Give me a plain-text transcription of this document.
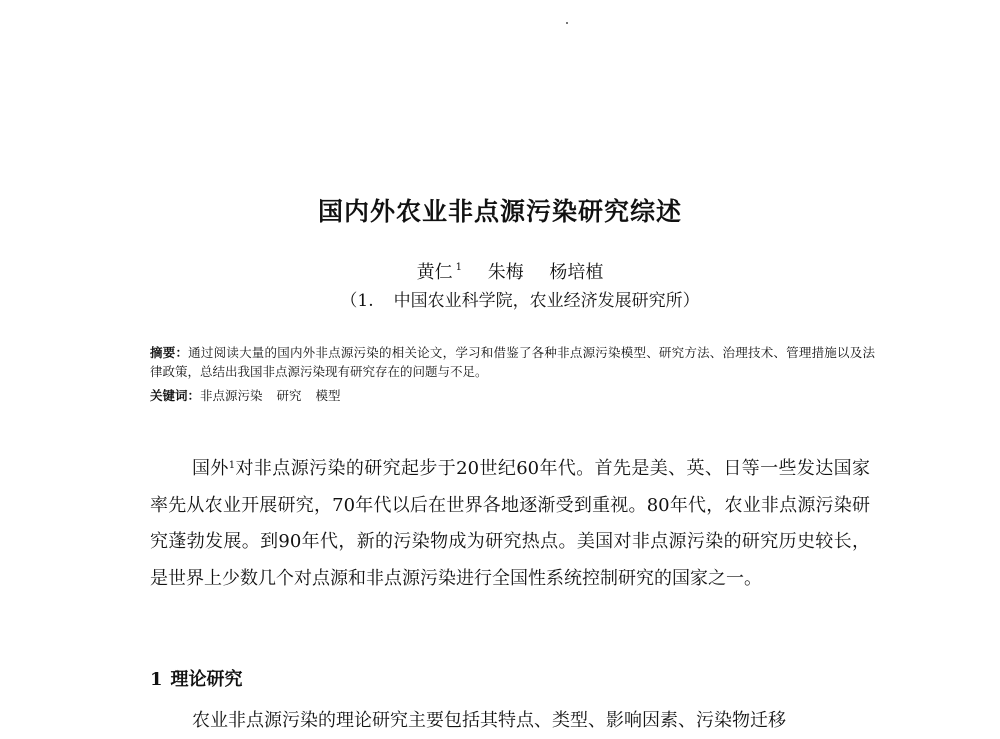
国内外农业非点源污染研究综述
黄仁 $^1$ 朱梅 杨培植
（1. 中国农业科学院，农业经济发展研究所）
摘要：通过阅读大量的国内外非点源污染的相关论文，学习和借鉴了各种非点源污染模型、研究方法、治理技术、管理措施以及法律政策，总结出我国非点源污染现有研究存在的问题与不足。
关键词：非点源污染 研究 模型
国外$^1$对非点源污染的研究起步于20世纪60年代。首先是美、英、日等一些发达国家率先从农业开展研究，70年代以后在世界各地逐渐受到重视。80年代，农业非点源污染研究蓬勃发展。到90年代，新的污染物成为研究热点。美国对非点源污染的研究历史较长，是世界上少数几个对点源和非点源污染进行全国性系统控制研究的国家之一。
1 理论研究
农业非点源污染的理论研究主要包括其特点、类型、影响因素、污染物迁移
